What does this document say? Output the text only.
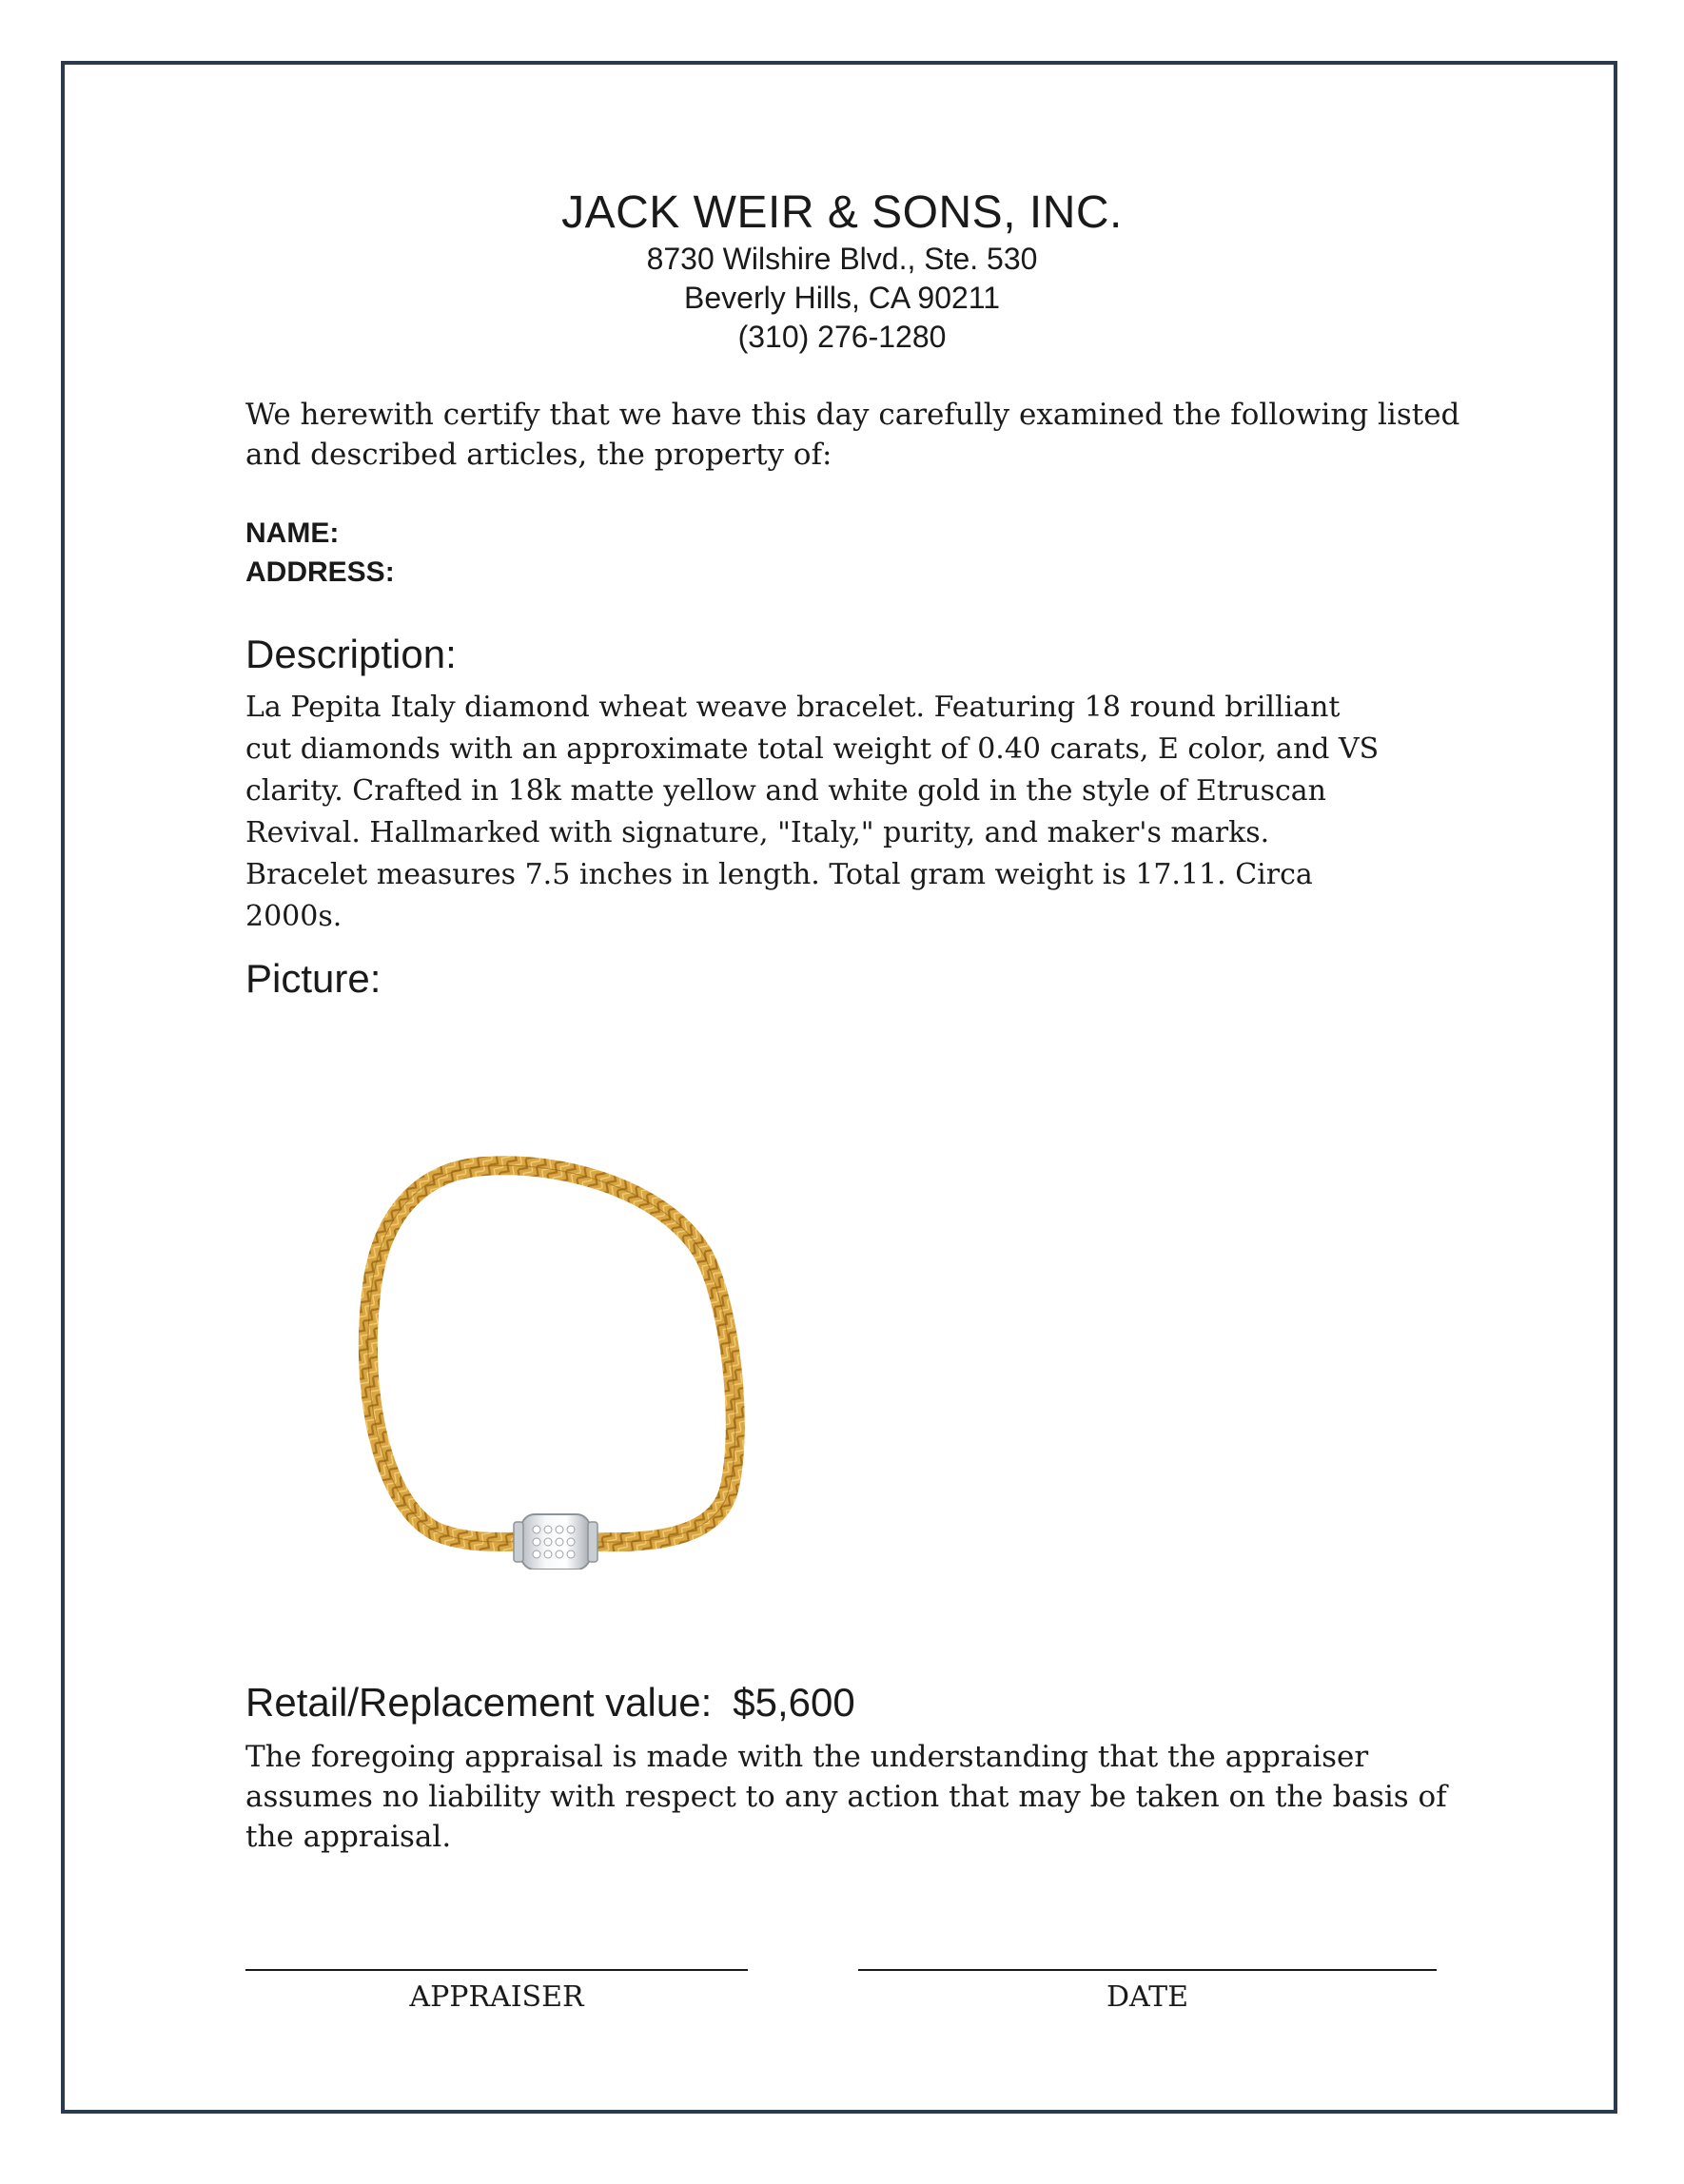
JACK WEIR & SONS, INC.
8730 Wilshire Blvd., Ste. 530
Beverly Hills, CA 90211
(310) 276-1280
We herewith certify that we have this day carefully examined the following listed and described articles, the property of:
NAME:
ADDRESS:
Description:
La Pepita Italy diamond wheat weave bracelet. Featuring 18 round brilliant cut diamonds with an approximate total weight of 0.40 carats, E color, and VS clarity. Crafted in 18k matte yellow and white gold in the style of Etruscan Revival. Hallmarked with signature, "Italy," purity, and maker's marks. Bracelet measures 7.5 inches in length. Total gram weight is 17.11. Circa 2000s.
Picture:
Retail/Replacement value: $5,600
The foregoing appraisal is made with the understanding that the appraiser assumes no liability with respect to any action that may be taken on the basis of the appraisal.
APPRAISER	DATE
